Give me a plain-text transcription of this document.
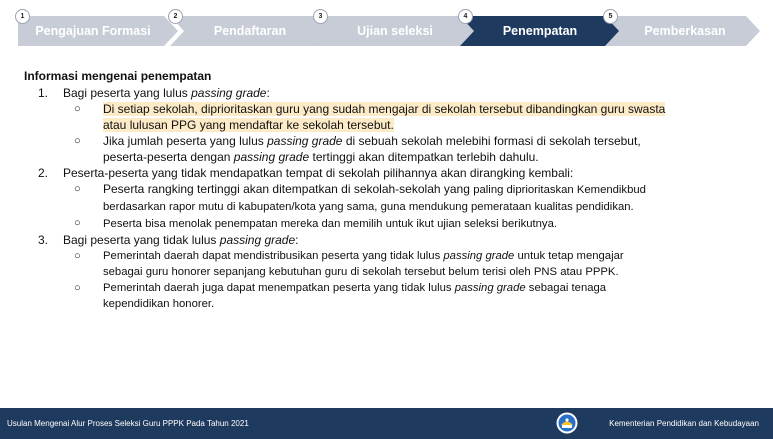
Pengajuan Formasi
1
Pendaftaran
2
Ujian seleksi
3
Penempatan
4
Pemberkasan
5
Informasi mengenai penempatan
1. Bagi peserta yang lulus passing grade:
○ Di setiap sekolah, diprioritaskan guru yang sudah mengajar di sekolah tersebut dibandingkan guru swasta
atau lulusan PPG yang mendaftar ke sekolah tersebut.
○ Jika jumlah peserta yang lulus passing grade di sebuah sekolah melebihi formasi di sekolah tersebut,
peserta-peserta dengan passing grade tertinggi akan ditempatkan terlebih dahulu.
2. Peserta-peserta yang tidak mendapatkan tempat di sekolah pilihannya akan dirangking kembali:
○ Peserta rangking tertinggi akan ditempatkan di sekolah-sekolah yang paling diprioritaskan Kemendikbud
berdasarkan rapor mutu di kabupaten/kota yang sama, guna mendukung pemerataan kualitas pendidikan.
○ Peserta bisa menolak penempatan mereka dan memilih untuk ikut ujian seleksi berikutnya.
3. Bagi peserta yang tidak lulus passing grade:
○ Pemerintah daerah dapat mendistribusikan peserta yang tidak lulus passing grade untuk tetap mengajar
sebagai guru honorer sepanjang kebutuhan guru di sekolah tersebut belum terisi oleh PNS atau PPPK.
○ Pemerintah daerah juga dapat menempatkan peserta yang tidak lulus passing grade sebagai tenaga
kependidikan honorer.
Usulan Mengenai Alur Proses Seleksi Guru PPPK Pada Tahun 2021	Kementerian Pendidikan dan Kebudayaan
